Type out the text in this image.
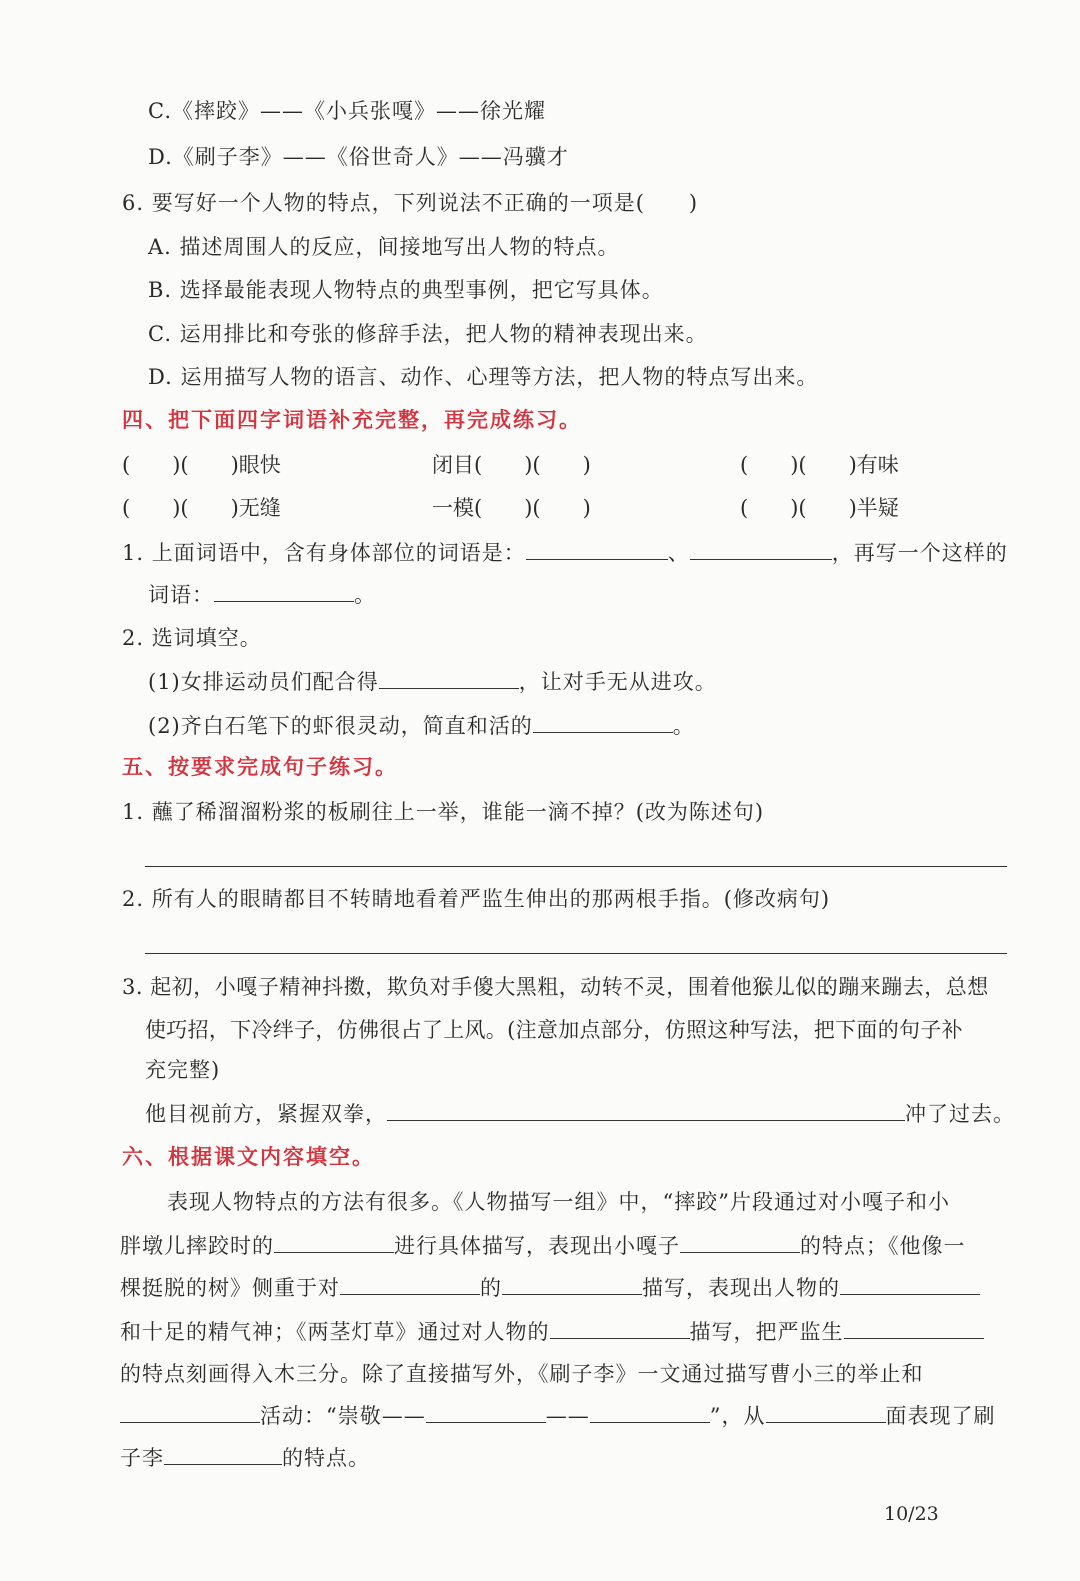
C.《摔跤》——《小兵张嘎》——徐光耀
D.《刷子李》——《俗世奇人》——冯骥才
6. 要写好一个人物的特点，下列说法不正确的一项是(　　)
A. 描述周围人的反应，间接地写出人物的特点。
B. 选择最能表现人物特点的典型事例，把它写具体。
C. 运用排比和夸张的修辞手法，把人物的精神表现出来。
D. 运用描写人物的语言、动作、心理等方法，把人物的特点写出来。
四、把下面四字词语补充完整，再完成练习。
(　　)(　　)眼快	闭目(　　)(　　)	(　　)(　　)有味
(　　)(　　)无缝	一模(　　)(　　)	(　　)(　　)半疑
1. 上面词语中，含有身体部位的词语是：	、	，再写一个这样的
词语：	。
2. 选词填空。
(1)女排运动员们配合得	，让对手无从进攻。
(2)齐白石笔下的虾很灵动，简直和活的	。
五、按要求完成句子练习。
1. 蘸了稀溜溜粉浆的板刷往上一举，谁能一滴不掉？(改为陈述句)
2. 所有人的眼睛都目不转睛地看着严监生伸出的那两根手指。(修改病句)
3. 起初，小嘎子精神抖擞，欺负对手傻大黑粗，动转不灵，围着他猴儿似的蹦来蹦去，总想
使巧招，下冷绊子，仿佛很占了上风。(注意加点部分，仿照这种写法，把下面的句子补
充完整)
他目视前方，紧握双拳，	冲了过去。
六、根据课文内容填空。
表现人物特点的方法有很多。《人物描写一组》中，“摔跤”片段通过对小嘎子和小
胖墩儿摔跤时的	进行具体描写，表现出小嘎子	的特点；《他像一
棵挺脱的树》侧重于对	的	描写，表现出人物的
和十足的精气神；《两茎灯草》通过对人物的	描写，把严监生
的特点刻画得入木三分。除了直接描写外，《刷子李》一文通过描写曹小三的举止和
活动：“崇敬——	——	”，从	面表现了刷
子李	的特点。
10/23
